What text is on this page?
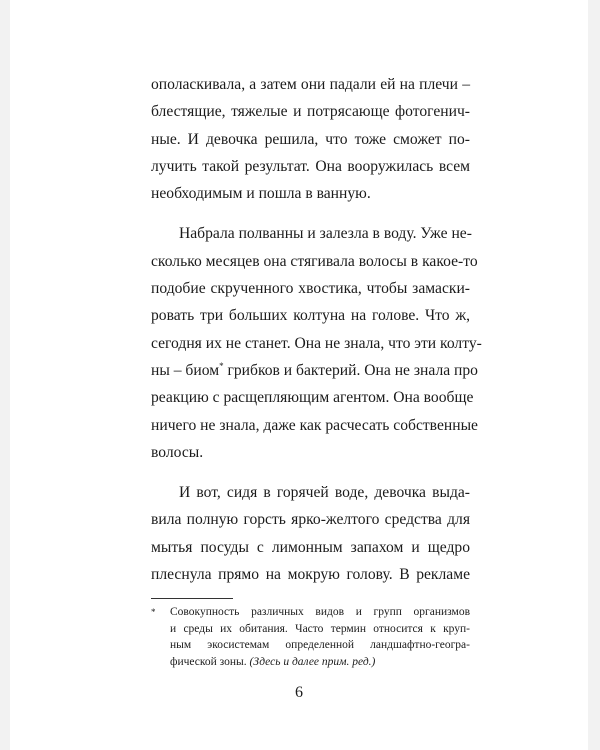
ополаскивала, а затем они падали ей на плечи –
блестящие, тяжелые и потрясающе фотогенич-
ные. И девочка решила, что тоже сможет по-
лучить такой результат. Она вооружилась всем
необходимым и пошла в ванную.
Набрала полванны и залезла в воду. Уже не-
сколько месяцев она стягивала волосы в какое-то
подобие скрученного хвостика, чтобы замаски-
ровать три больших колтуна на голове. Что ж,
сегодня их не станет. Она не знала, что эти колту-
ны – биом* грибков и бактерий. Она не знала про
реакцию с расщепляющим агентом. Она вообще
ничего не знала, даже как расчесать собственные
волосы.
И вот, сидя в горячей воде, девочка выда-
вила полную горсть ярко-желтого средства для
мытья посуды с лимонным запахом и щедро
плеснула прямо на мокрую голову. В рекламе
*	Совокупность различных видов и групп организмов
и среды их обитания. Часто термин относится к круп-
ным экосистемам определенной ландшафтно-геогра-
фической зоны. (Здесь и далее прим. ред.)
6
